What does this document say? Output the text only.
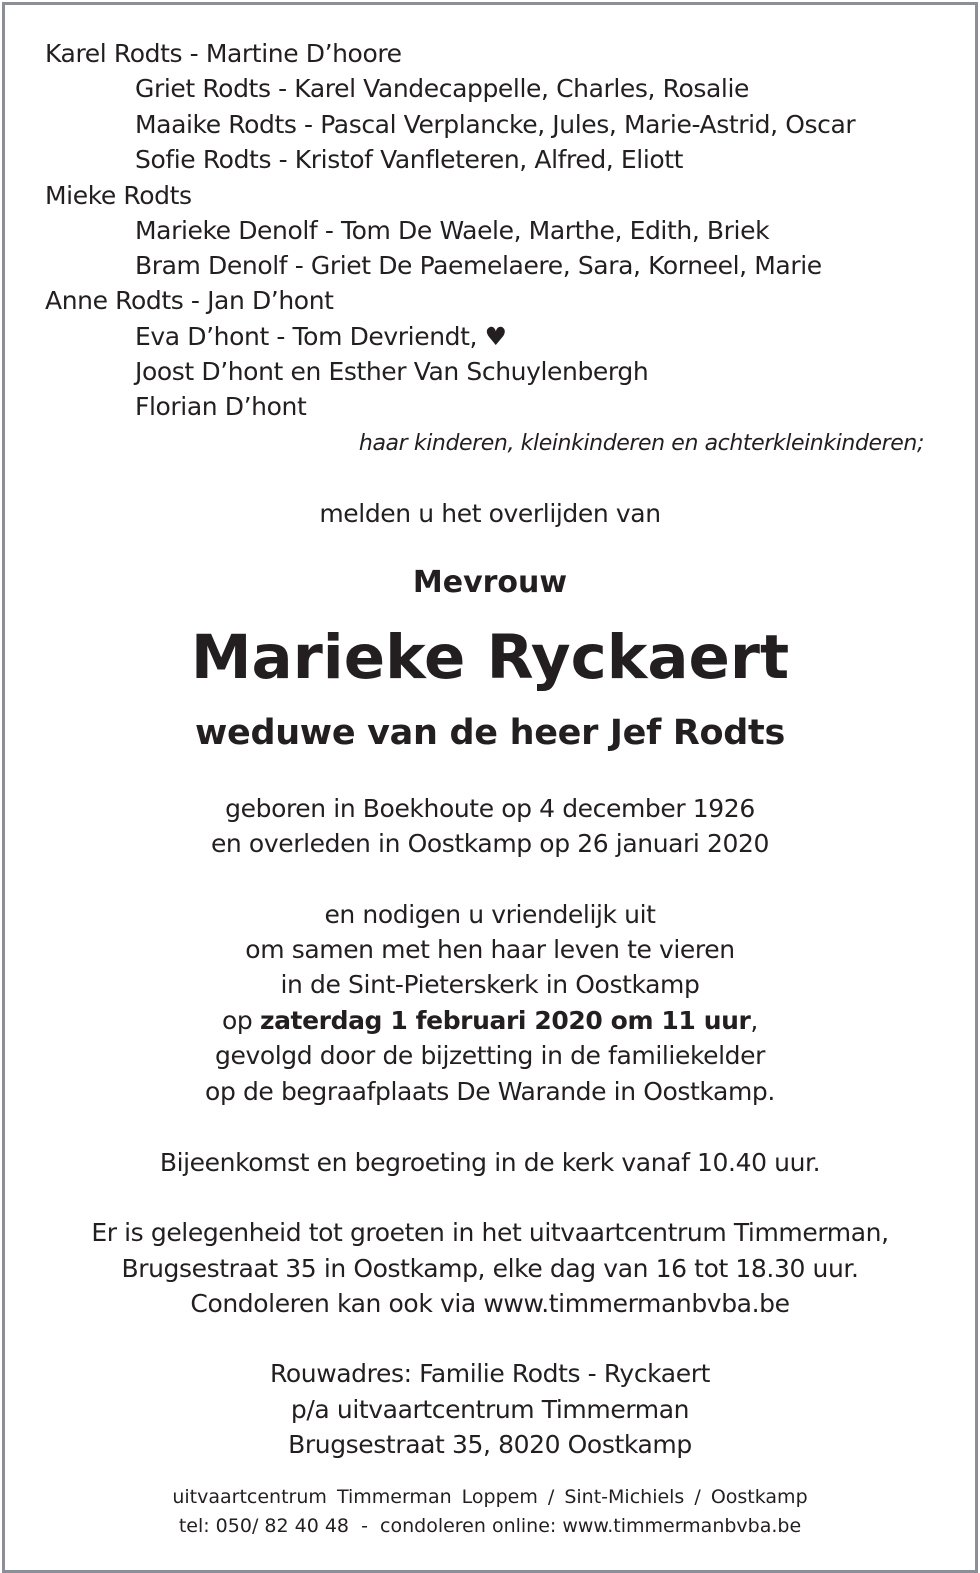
Karel Rodts - Martine D’hoore
Griet Rodts - Karel Vandecappelle, Charles, Rosalie
Maaike Rodts - Pascal Verplancke, Jules, Marie-Astrid, Oscar
Sofie Rodts - Kristof Vanfleteren, Alfred, Eliott
Mieke Rodts
Marieke Denolf - Tom De Waele, Marthe, Edith, Briek
Bram Denolf - Griet De Paemelaere, Sara, Korneel, Marie
Anne Rodts - Jan D’hont
Eva D’hont - Tom Devriendt, ♥
Joost D’hont en Esther Van Schuylenbergh
Florian D’hont
haar kinderen, kleinkinderen en achterkleinkinderen;
melden u het overlijden van
Mevrouw
Marieke Ryckaert
weduwe van de heer Jef Rodts
geboren in Boekhoute op 4 december 1926
en overleden in Oostkamp op 26 januari 2020
en nodigen u vriendelijk uit
om samen met hen haar leven te vieren
in de Sint-Pieterskerk in Oostkamp
op zaterdag 1 februari 2020 om 11 uur,
gevolgd door de bijzetting in de familiekelder
op de begraafplaats De Warande in Oostkamp.
Bijeenkomst en begroeting in de kerk vanaf 10.40 uur.
Er is gelegenheid tot groeten in het uitvaartcentrum Timmerman,
Brugsestraat 35 in Oostkamp, elke dag van 16 tot 18.30 uur.
Condoleren kan ook via www.timmermanbvba.be
Rouwadres: Familie Rodts - Ryckaert
p/a uitvaartcentrum Timmerman
Brugsestraat 35, 8020 Oostkamp
uitvaartcentrum Timmerman Loppem / Sint-Michiels / Oostkamp
tel: 050/ 82 40 48  -  condoleren online: www.timmermanbvba.be
